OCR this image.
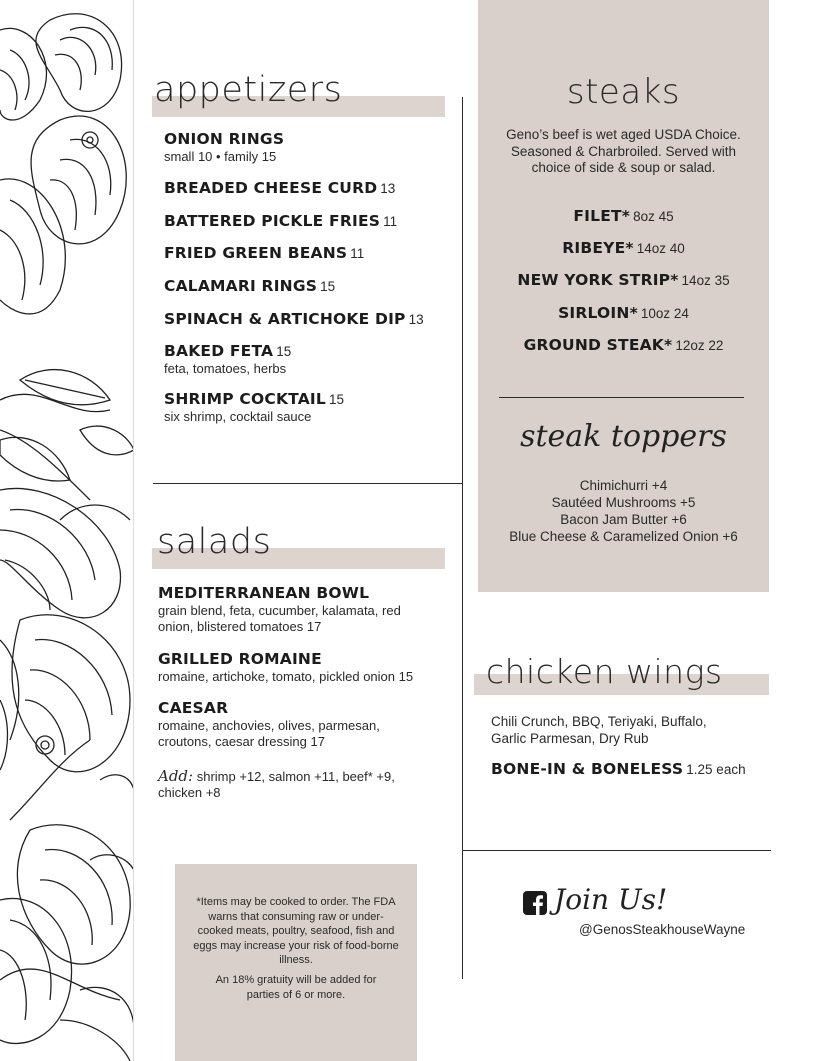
appetizers
ONION RINGS
small 10 • family 15
BREADED CHEESE CURD 13
BATTERED PICKLE FRIES 11
FRIED GREEN BEANS 11
CALAMARI RINGS 15
SPINACH & ARTICHOKE DIP 13
BAKED FETA 15
feta, tomatoes, herbs
SHRIMP COCKTAIL 15
six shrimp, cocktail sauce
salads
MEDITERRANEAN BOWL
grain blend, feta, cucumber, kalamata, red onion, blistered tomatoes 17
GRILLED ROMAINE
romaine, artichoke, tomato, pickled onion 15
CAESAR
romaine, anchovies, olives, parmesan, croutons, caesar dressing 17
Add: shrimp +12, salmon +11, beef* +9, chicken +8
steaks
Geno’s beef is wet aged USDA Choice. Seasoned & Charbroiled. Served with choice of side & soup or salad.
FILET* 8oz 45
RIBEYE* 14oz 40
NEW YORK STRIP* 14oz 35
SIRLOIN* 10oz 24
GROUND STEAK* 12oz 22
steak toppers
Chimichurri +4
Sautéed Mushrooms +5
Bacon Jam Butter +6
Blue Cheese & Caramelized Onion +6
chicken wings
Chili Crunch, BBQ, Teriyaki, Buffalo, Garlic Parmesan, Dry Rub
BONE-IN & BONELESS 1.25 each
Join Us!
@GenosSteakhouseWayne
*Items may be cooked to order. The FDA warns that consuming raw or under-cooked meats, poultry, seafood, fish and eggs may increase your risk of food-borne illness.
An 18% gratuity will be added for parties of 6 or more.
